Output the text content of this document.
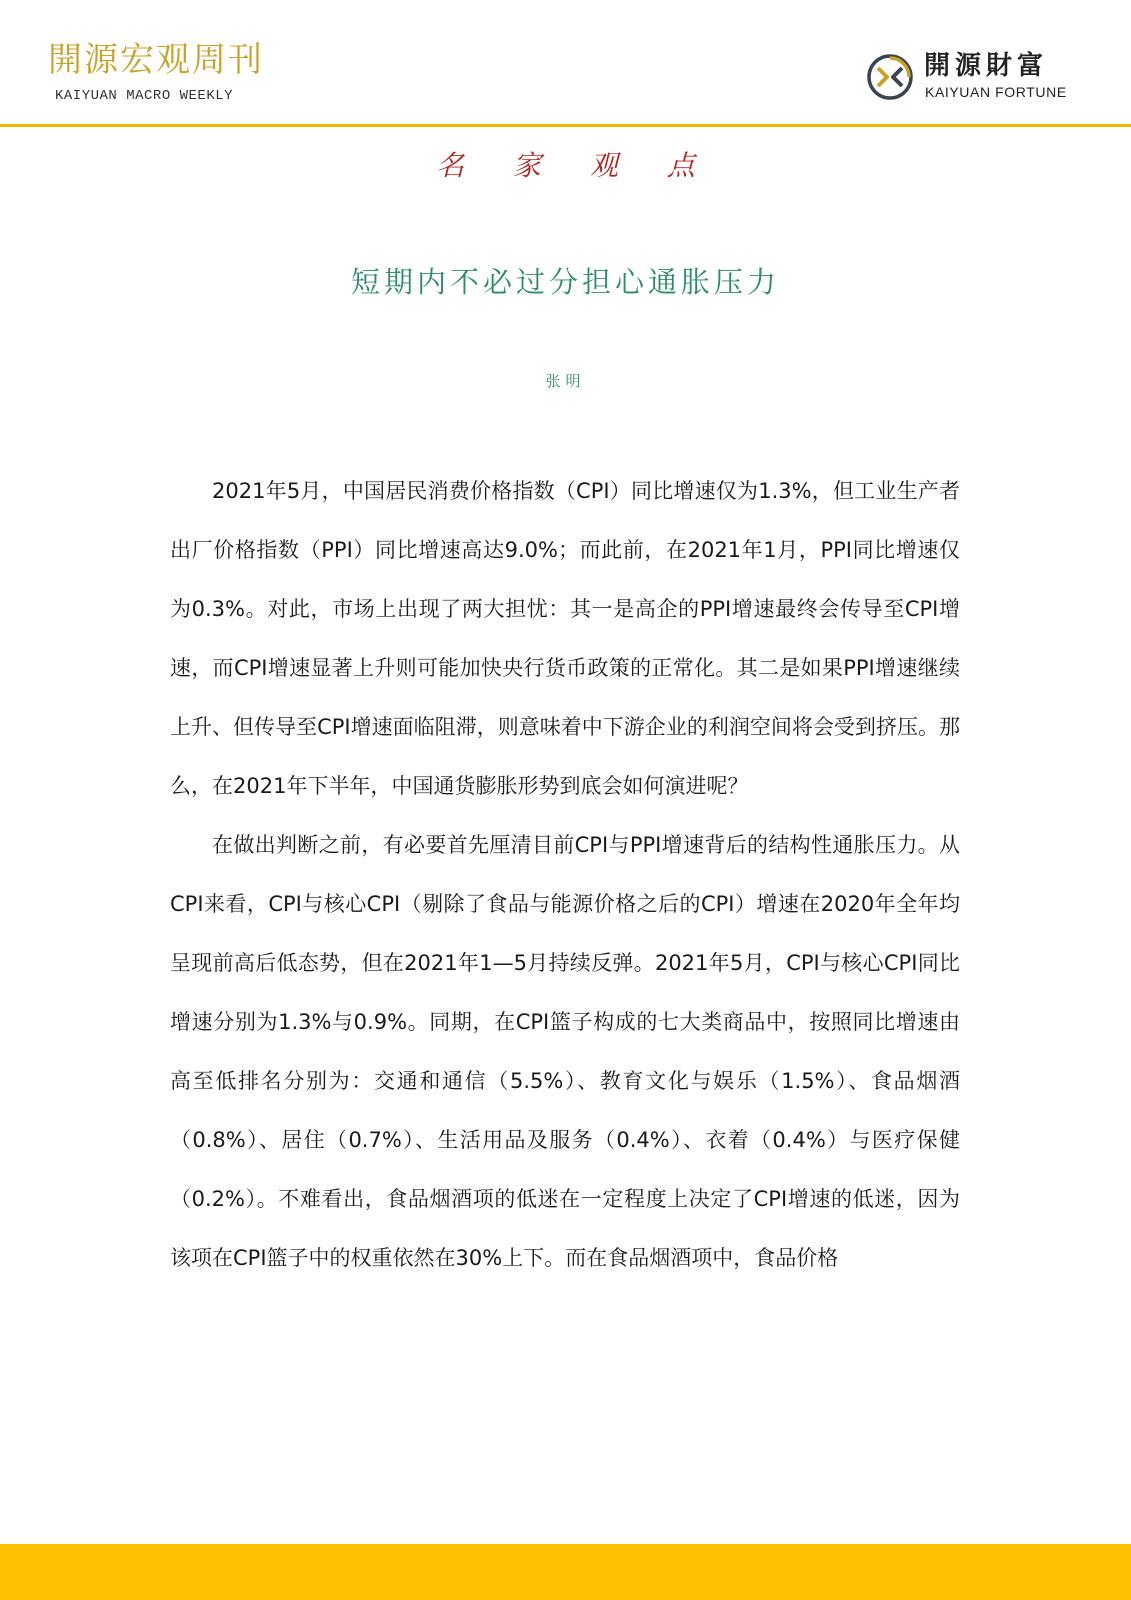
開源宏观周刊
KAIYUAN MACRO WEEKLY
開源財富
KAIYUAN FORTUNE
名 家 观 点
短期内不必过分担心通胀压力
张明

2021年5月，中国居民消费价格指数（CPI）同比增速仅为1.3%，但工业生产者出厂价格指数（PPI）同比增速高达9.0%；而此前，在2021年1月，PPI同比增速仅为0.3%。对此，市场上出现了两大担忧：其一是高企的PPI增速最终会传导至CPI增速，而CPI增速显著上升则可能加快央行货币政策的正常化。其二是如果PPI增速继续上升、但传导至CPI增速面临阻滞，则意味着中下游企业的利润空间将会受到挤压。那么，在2021年下半年，中国通货膨胀形势到底会如何演进呢？

在做出判断之前，有必要首先厘清目前CPI与PPI增速背后的结构性通胀压力。从CPI来看，CPI与核心CPI（剔除了食品与能源价格之后的CPI）增速在2020年全年均呈现前高后低态势，但在2021年1—5月持续反弹。2021年5月，CPI与核心CPI同比增速分别为1.3%与0.9%。同期，在CPI篮子构成的七大类商品中，按照同比增速由高至低排名分别为：交通和通信（5.5%）、教育文化与娱乐（1.5%）、食品烟酒（0.8%）、居住（0.7%）、生活用品及服务（0.4%）、衣着（0.4%）与医疗保健（0.2%）。不难看出，食品烟酒项的低迷在一定程度上决定了CPI增速的低迷，因为该项在CPI篮子中的权重依然在30%上下。而在食品烟酒项中，食品价格
